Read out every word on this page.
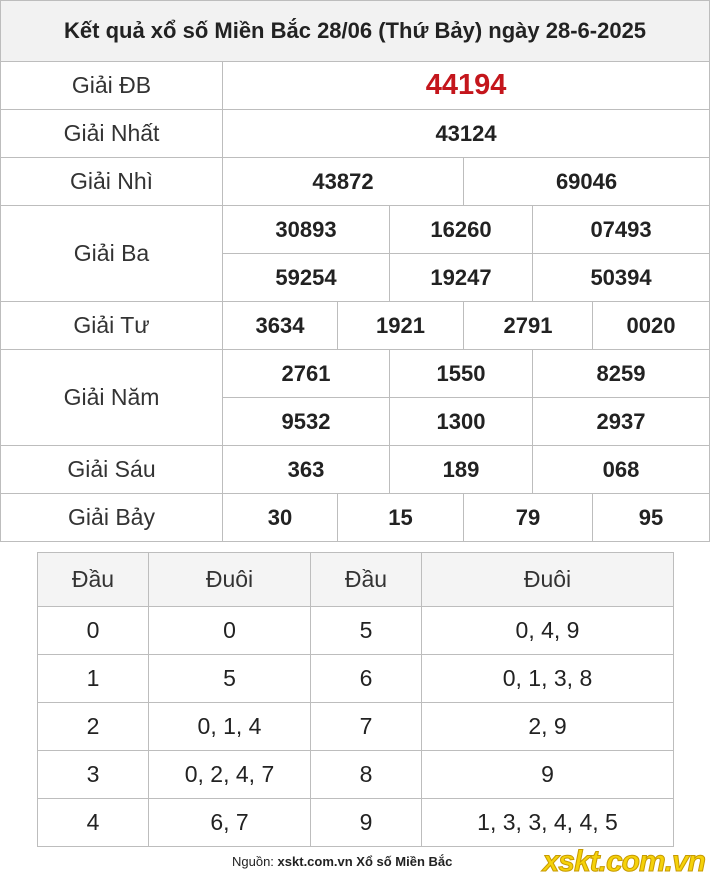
Kết quả xổ số Miền Bắc 28/06 (Thứ Bảy) ngày 28-6-2025						
Giải ĐB	44194					
Giải Nhất	43124					
Giải Nhì	43872			69046		
Giải Ba	30893		16260		07493	
	59254		19247		50394	
Giải Tư	3634	1921		2791		0020
Giải Năm	2761		1550		8259	
	9532		1300		2937	
Giải Sáu	363		189		068	
Giải Bảy	30	15		79		95
Đầu	Đuôi	Đầu	Đuôi
0	0	5	0, 4, 9
1	5	6	0, 1, 3, 8
2	0, 1, 4	7	2, 9
3	0, 2, 4, 7	8	9
4	6, 7	9	1, 3, 3, 4, 4, 5
Nguồn: xskt.com.vn Xổ số Miền Bắc	xskt.com.vn
